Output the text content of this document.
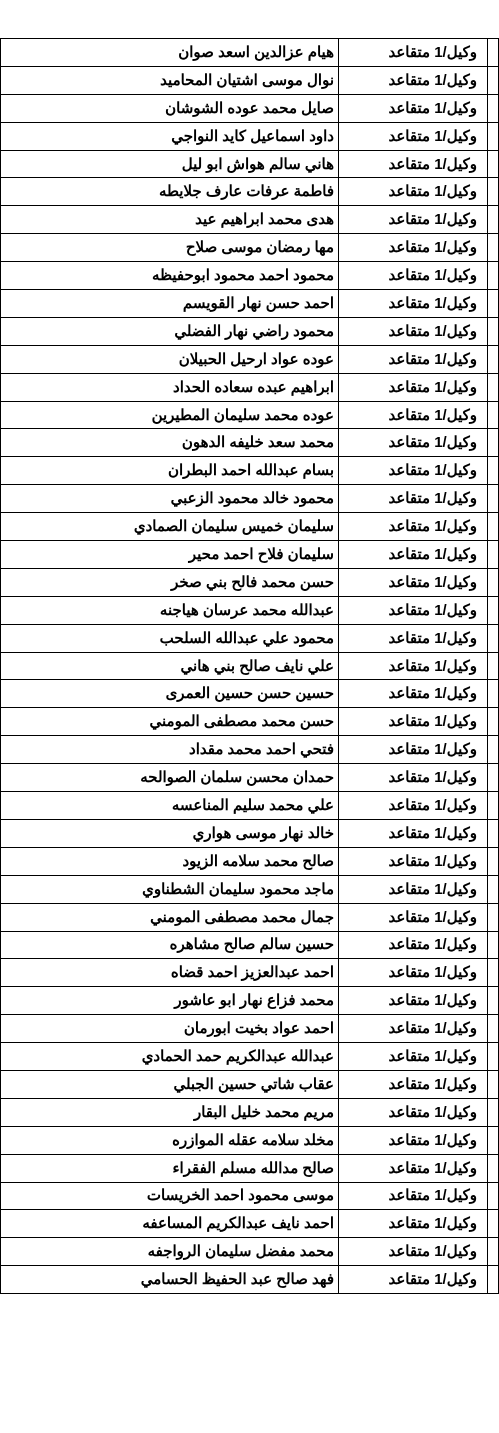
	وكيل/1 متقاعد	هيام عزالدين اسعد صوان
	وكيل/1 متقاعد	نوال موسى اشتيان المحاميد
	وكيل/1 متقاعد	صايل محمد عوده الشوشان
	وكيل/1 متقاعد	داود اسماعيل كايد النواجي
	وكيل/1 متقاعد	هاني سالم هواش ابو ليل
	وكيل/1 متقاعد	فاطمة عرفات عارف جلايطه
	وكيل/1 متقاعد	هدى محمد ابراهيم عيد
	وكيل/1 متقاعد	مها رمضان موسى صلاح
	وكيل/1 متقاعد	محمود احمد محمود ابوحفيظه
	وكيل/1 متقاعد	احمد حسن نهار القويسم
	وكيل/1 متقاعد	محمود راضي نهار الفضلي
	وكيل/1 متقاعد	عوده عواد ارحيل الحبيلان
	وكيل/1 متقاعد	ابراهيم عبده سعاده الحداد
	وكيل/1 متقاعد	عوده محمد سليمان المطيرين
	وكيل/1 متقاعد	محمد سعد خليفه الدهون
	وكيل/1 متقاعد	بسام عبدالله احمد البطران
	وكيل/1 متقاعد	محمود خالد محمود الزعبي
	وكيل/1 متقاعد	سليمان خميس سليمان الصمادي
	وكيل/1 متقاعد	سليمان فلاح احمد محير
	وكيل/1 متقاعد	حسن محمد فالح بني صخر
	وكيل/1 متقاعد	عبدالله محمد عرسان هياجنه
	وكيل/1 متقاعد	محمود علي عبدالله السلحب
	وكيل/1 متقاعد	علي نايف صالح بني هاني
	وكيل/1 متقاعد	حسين حسن حسين العمرى
	وكيل/1 متقاعد	حسن محمد مصطفى المومني
	وكيل/1 متقاعد	فتحي احمد محمد مقداد
	وكيل/1 متقاعد	حمدان محسن سلمان الصوالحه
	وكيل/1 متقاعد	علي محمد سليم المناعسه
	وكيل/1 متقاعد	خالد نهار موسى هواري
	وكيل/1 متقاعد	صالح محمد سلامه الزيود
	وكيل/1 متقاعد	ماجد محمود سليمان الشطناوي
	وكيل/1 متقاعد	جمال محمد مصطفى المومني
	وكيل/1 متقاعد	حسين سالم صالح مشاهره
	وكيل/1 متقاعد	احمد عبدالعزيز احمد قضاه
	وكيل/1 متقاعد	محمد فزاع نهار ابو عاشور
	وكيل/1 متقاعد	احمد عواد بخيت ابورمان
	وكيل/1 متقاعد	عبدالله عبدالكريم حمد الحمادي
	وكيل/1 متقاعد	عقاب شاتي حسين الجبلي
	وكيل/1 متقاعد	مريم محمد خليل البقار
	وكيل/1 متقاعد	مخلد سلامه عقله الموازره
	وكيل/1 متقاعد	صالح مدالله مسلم الفقراء
	وكيل/1 متقاعد	موسى محمود احمد الخريسات
	وكيل/1 متقاعد	احمد نايف عبدالكريم المساعفه
	وكيل/1 متقاعد	محمد مفضل سليمان الرواجفه
	وكيل/1 متقاعد	فهد صالح عبد الحفيظ الحسامي
